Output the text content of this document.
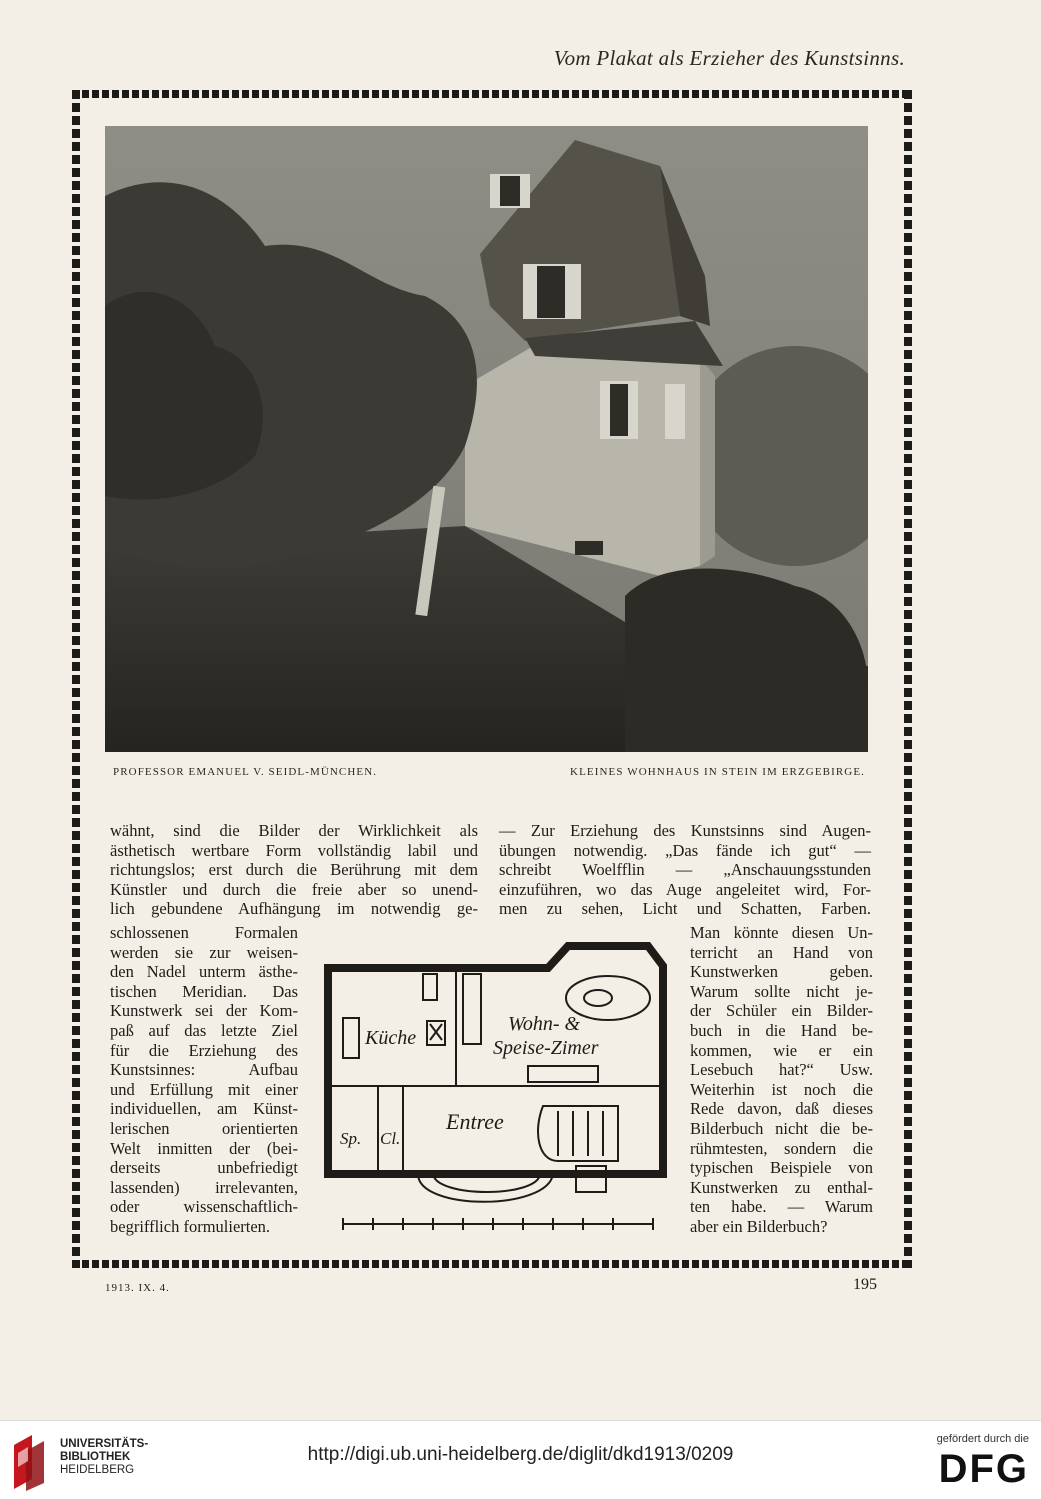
Vom Plakat als Erzieher des Kunstsinns.
PROFESSOR EMANUEL V. SEIDL-MÜNCHEN.	KLEINES WOHNHAUS IN STEIN IM ERZGEBIRGE.
wähnt, sind die Bilder der Wirklichkeit als
ästhetisch wertbare Form vollständig labil und
richtungslos; erst durch die Berührung mit dem
Künstler und durch die freie aber so unend-
lich gebundene Aufhängung im notwendig ge-
schlossenen Formalen
werden sie zur weisen-
den Nadel unterm ästhe-
tischen Meridian. Das
Kunstwerk sei der Kom-
paß auf das letzte Ziel
für die Erziehung des
Kunstsinnes: Aufbau
und Erfüllung mit einer
individuellen, am Künst-
lerischen orientierten
Welt inmitten der (bei-
derseits unbefriedigt
lassenden) irrelevanten,
oder wissenschaftlich-
begrifflich formulierten.
— Zur Erziehung des Kunstsinns sind Augen-
übungen notwendig. „Das fände ich gut“ —
schreibt Woelfflin — „Anschauungsstunden
einzuführen, wo das Auge angeleitet wird, For-
men zu sehen, Licht und Schatten, Farben.
Man könnte diesen Un-
terricht an Hand von
Kunstwerken geben.
Warum sollte nicht je-
der Schüler ein Bilder-
buch in die Hand be-
kommen, wie er ein
Lesebuch hat?“ Usw.
Weiterhin ist noch die
Rede davon, daß dieses
Bilderbuch nicht die be-
rühmtesten, sondern die
typischen Beispiele von
Kunstwerken zu enthal-
ten habe. — Warum
aber ein Bilderbuch?
Küche
Wohn- &
Speise-Zimer
Entree
Sp. Cl.
1913. IX. 4.	195
UNIVERSITÄTS-
BIBLIOTHEK
HEIDELBERG
http://digi.ub.uni-heidelberg.de/diglit/dkd1913/0209
gefördert durch die
DFG
